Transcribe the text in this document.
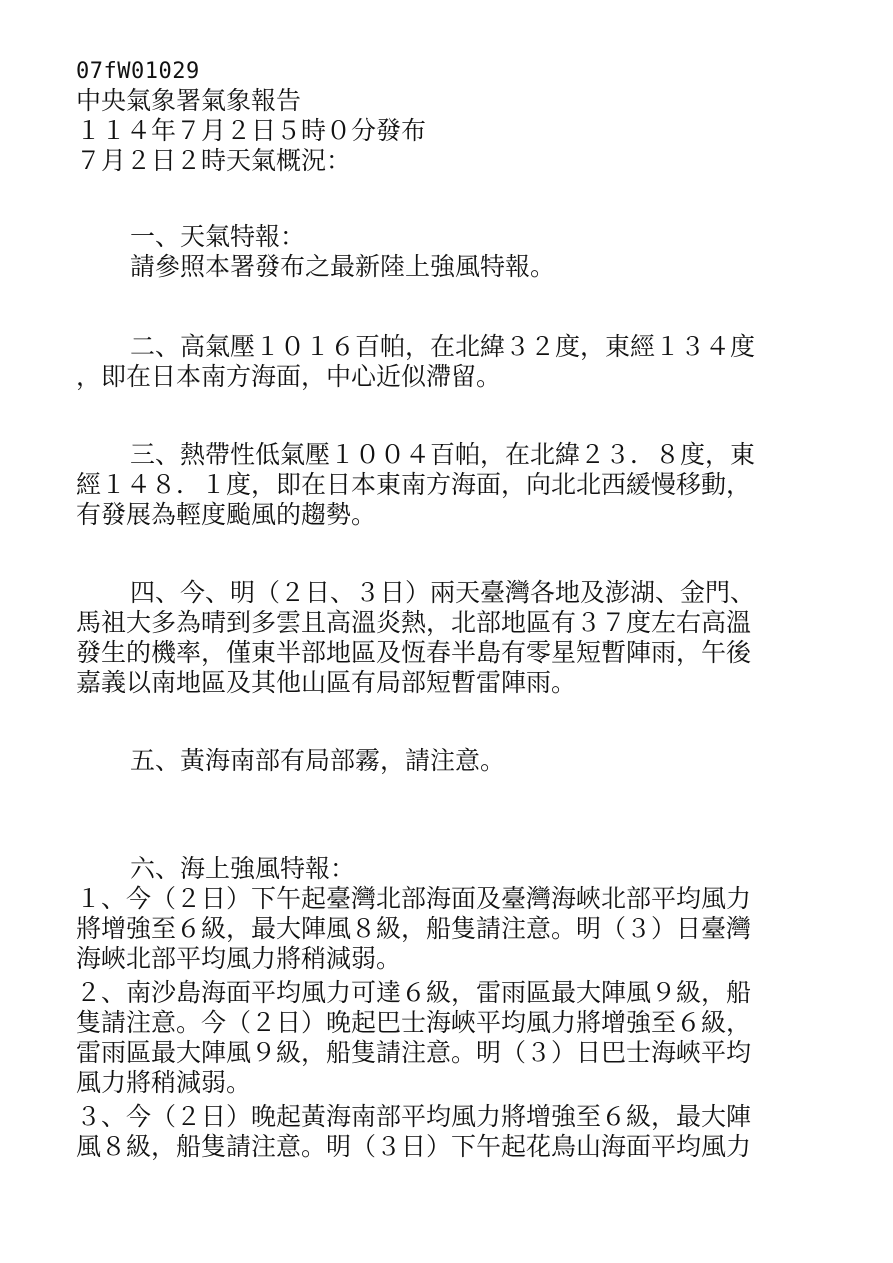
07fW01029
中央氣象署氣象報告
１１４年７月２日５時０分發布
７月２日２時天氣概況：
一、天氣特報：
請參照本署發布之最新陸上強風特報。
二、高氣壓１０１６百帕，在北緯３２度，東經１３４度
，即在日本南方海面，中心近似滯留。
三、熱帶性低氣壓１００４百帕，在北緯２３．８度，東
經１４８．１度，即在日本東南方海面，向北北西緩慢移動，
有發展為輕度颱風的趨勢。
四、今、明（２日、３日）兩天臺灣各地及澎湖、金門、
馬祖大多為晴到多雲且高溫炎熱，北部地區有３７度左右高溫
發生的機率，僅東半部地區及恆春半島有零星短暫陣雨，午後
嘉義以南地區及其他山區有局部短暫雷陣雨。
五、黃海南部有局部霧，請注意。
六、海上強風特報：
１、今（２日）下午起臺灣北部海面及臺灣海峽北部平均風力
將增強至６級，最大陣風８級，船隻請注意。明（３）日臺灣
海峽北部平均風力將稍減弱。
２、南沙島海面平均風力可達６級，雷雨區最大陣風９級，船
隻請注意。今（２日）晚起巴士海峽平均風力將增強至６級，
雷雨區最大陣風９級，船隻請注意。明（３）日巴士海峽平均
風力將稍減弱。
３、今（２日）晚起黃海南部平均風力將增強至６級，最大陣
風８級，船隻請注意。明（３日）下午起花鳥山海面平均風力
